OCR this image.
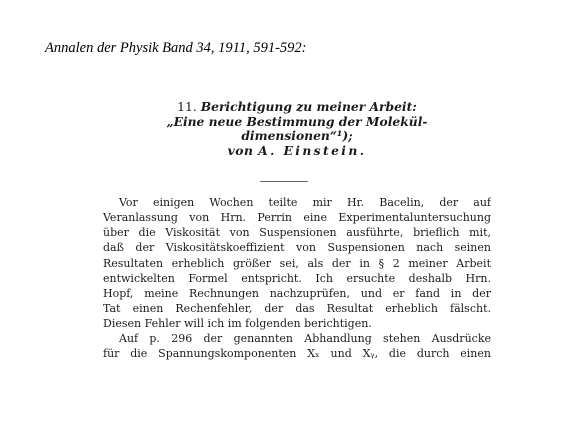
Annalen der Physik Band 34, 1911, 591-592:
11. Berichtigung zu meiner Arbeit:
„Eine neue Bestimmung der Molekül-
dimensionen“¹);
von A. Einstein.
Vor einigen Wochen teilte mir Hr. Bacelin, der auf
Veranlassung von Hrn. Perrin eine Experimentaluntersuchung
über die Viskosität von Suspensionen ausführte, brieflich mit,
daß der Viskositätskoeffizient von Suspensionen nach seinen
Resultaten erheblich größer sei, als der in § 2 meiner Arbeit
entwickelten Formel entspricht. Ich ersuchte deshalb Hrn.
Hopf, meine Rechnungen nachzuprüfen, und er fand in der
Tat einen Rechenfehler, der das Resultat erheblich fälscht.
Diesen Fehler will ich im folgenden berichtigen.
Auf p. 296 der genannten Abhandlung stehen Ausdrücke
für die Spannungskomponenten Xₓ und Xᵧ, die durch einen
